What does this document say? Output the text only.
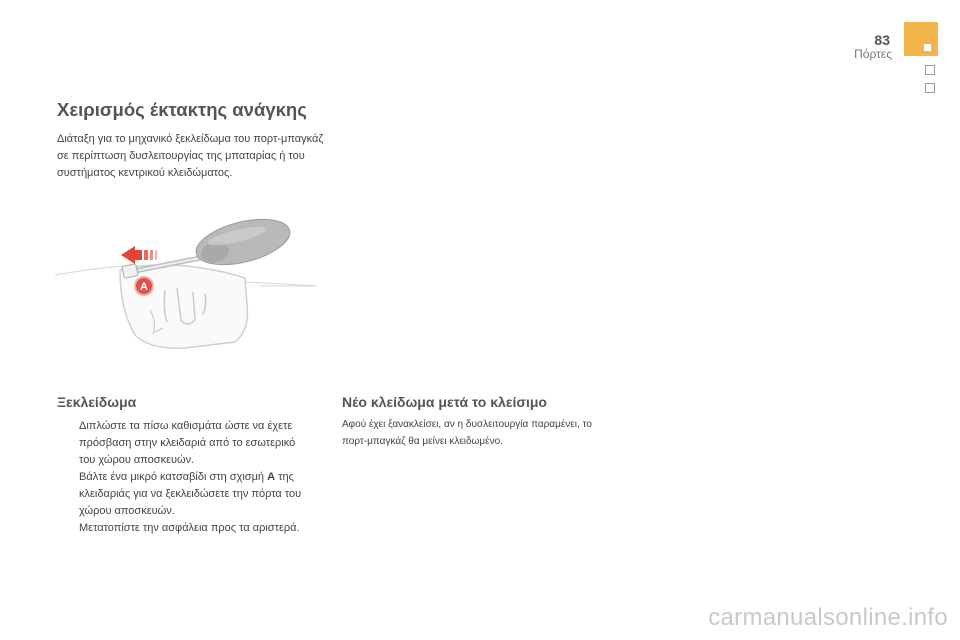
83
Πόρτες
Χειρισμός έκτακτης ανάγκης

Διάταξη για το μηχανικό ξεκλείδωμα του πορτ-μπαγκάζ σε περίπτωση δυσλειτουργίας της μπαταρίας ή του συστήματος κεντρικού κλειδώματος.

A
Ξεκλείδωμα
Διπλώστε τα πίσω καθισμάτα ώστε να έχετε πρόσβαση στην κλειδαριά από το εσωτερικό του χώρου αποσκευών.
Βάλτε ένα μικρό κατσαβίδι στη σχισμή A της κλειδαριάς για να ξεκλειδώσετε την πόρτα του χώρου αποσκευών.
Μετατοπίστε την ασφάλεια προς τα αριστερά.
Νέο κλείδωμα μετά το κλείσιμο

Αφού έχει ξανακλείσει, αν η δυσλειτουργία παραμένει, το πορτ-μπαγκάζ θα μείνει κλειδωμένο.

carmanualsonline.info
